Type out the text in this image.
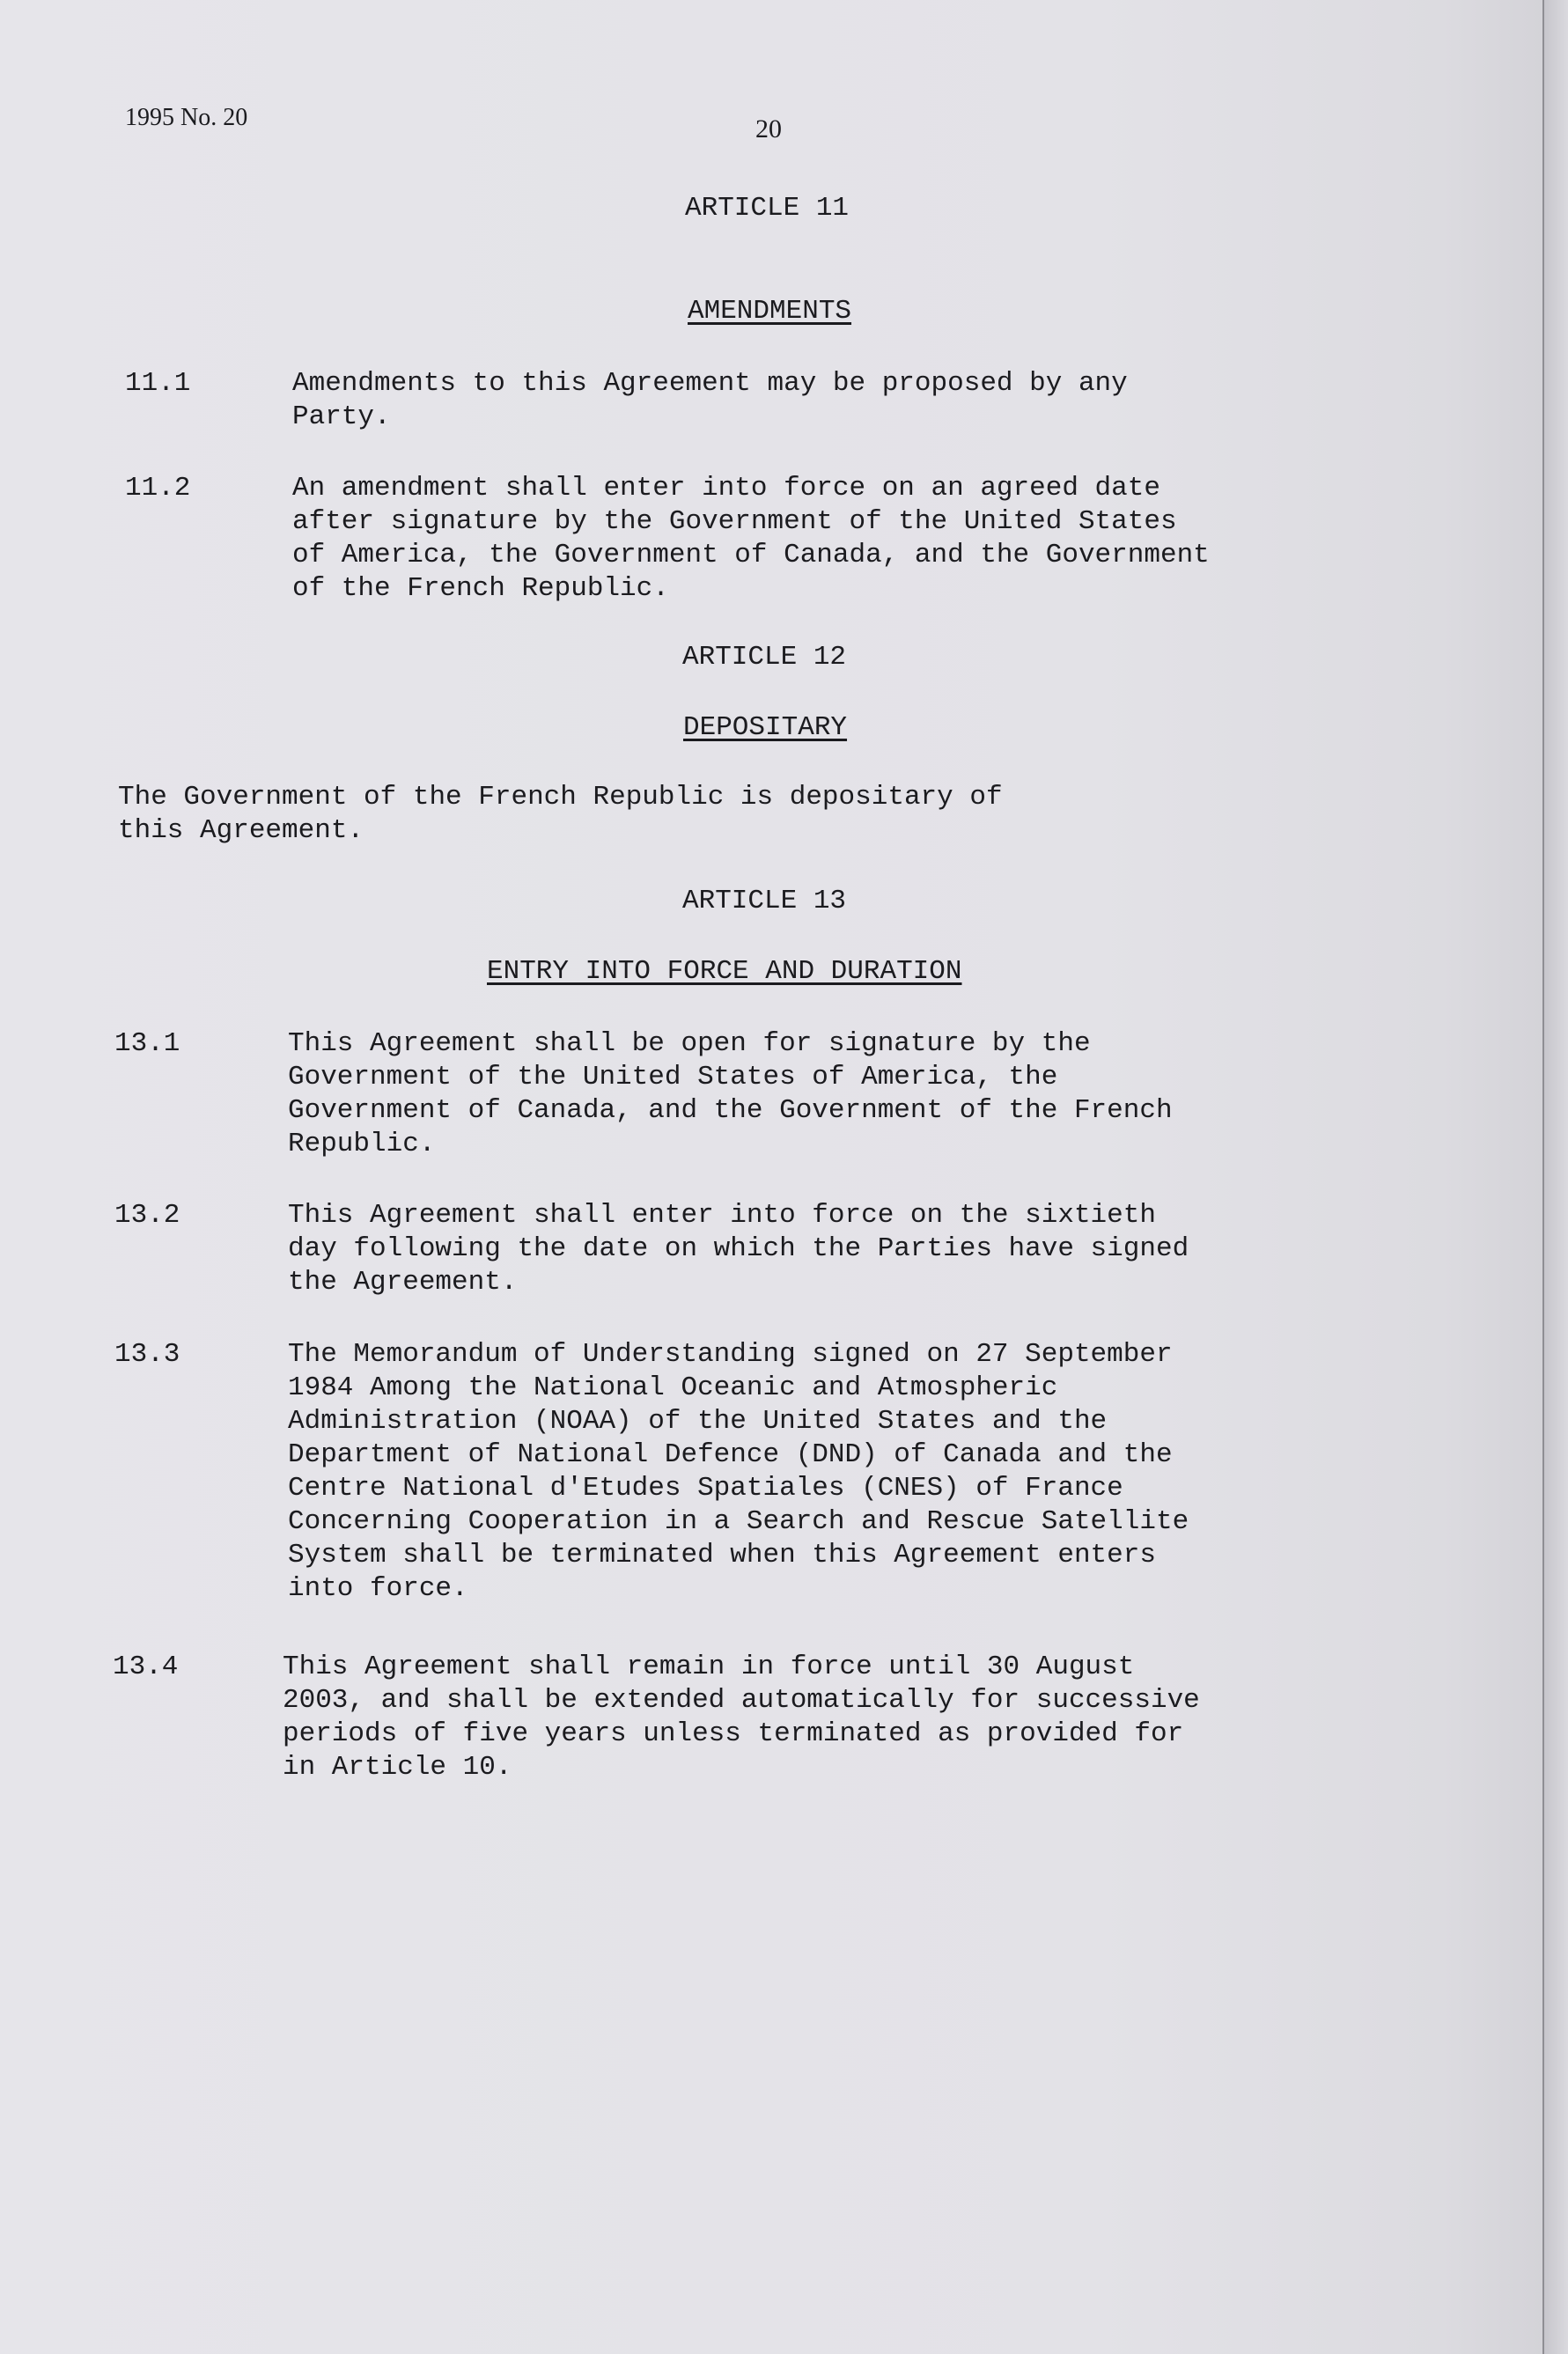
1995 No. 20	20
ARTICLE 11
AMENDMENTS
11.1	Amendments to this Agreement may be proposed by any
Party.
11.2	An amendment shall enter into force on an agreed date
after signature by the Government of the United States
of America, the Government of Canada, and the Government
of the French Republic.
ARTICLE 12
DEPOSITARY
The Government of the French Republic is depositary of
this Agreement.
ARTICLE 13
ENTRY INTO FORCE AND DURATION
13.1	This Agreement shall be open for signature by the
Government of the United States of America, the
Government of Canada, and the Government of the French
Republic.
13.2	This Agreement shall enter into force on the sixtieth
day following the date on which the Parties have signed
the Agreement.
13.3	The Memorandum of Understanding signed on 27 September
1984 Among the National Oceanic and Atmospheric
Administration (NOAA) of the United States and the
Department of National Defence (DND) of Canada and the
Centre National d'Etudes Spatiales (CNES) of France
Concerning Cooperation in a Search and Rescue Satellite
System shall be terminated when this Agreement enters
into force.
13.4	This Agreement shall remain in force until 30 August
2003, and shall be extended automatically for successive
periods of five years unless terminated as provided for
in Article 10.
